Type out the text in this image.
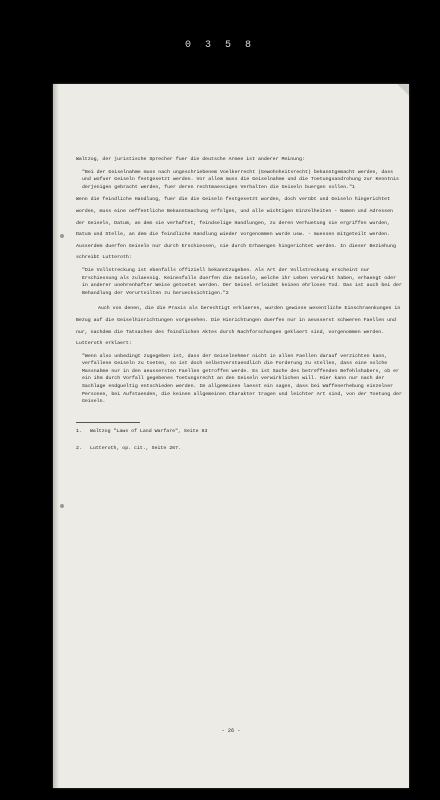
0 3 5 8

Waltzog, der juristische Sprecher fuer die deutsche Armee ist anderer Meinung:

"Bei der Geiselnahme muss nach ungeschriebenem Voelkerrecht (Gewohnheitsrecht) bekanntgemacht werden, dass und wofuer Geiseln festgesetzt werden. Vor allem muss die Geiselnahme und die Toetungsandrohung zur Kenntnis derjenigen gebracht werden, fuer deren rechtmaessiges Verhalten die Geiseln buergen sollen."1

Wenn die feindliche Handlung, fuer die die Geiseln festgesetzt worden, doch verübt und Geiseln hingerichtet worden, muss eine oeffentliche Bekanntmachung erfolgen, und alle wichtigen Einzelheiten - Namen und Adressen der Geiseln, Datum, an dem sie verhaftet, feindselige Handlungen, zu deren Verhuetung sie ergriffen wurden, Datum und Stelle, an dem die feindliche Handlung wieder vorgenommen wurde usw. - muessen mitgeteilt werden. Ausserdem duerfen Geiseln nur durch Erschiessen, nie durch Erhaengen hingerichtet werden. In dieser Beziehung schreibt Lutteroth:

"Die Vollstreckung ist ebenfalls offiziell bekanntzugeben. Als Art der Vollstreckung erscheint nur Erschiessung als zulaessig. Keinesfalls duerfen die Geiseln, welche ihr Leben verwirkt haben, erhaengt oder in anderer unehrenhafter Weise getoetet werden. Der Geisel erleidet keinen ehrlosen Tod. Das ist auch bei der Behandlung der Verurteilten zu beruecksichtigen."2

Auch von denen, die die Praxis als berechtigt erklaeren, wurden gewisse wesentliche Einschraenkungen in Bezug auf die Geiselhinrichtungen vorgesehen. Die Hinrichtungen duerfen nur in aeusserst schweren Faellen und nur, nachdem die Tatsachen des feindlichen Aktes durch Nachforschungen geklaert sind, vorgenommen werden. Lutteroth erklaert:

"Wenn also unbedingt zugegeben ist, dass der Geiselnehmer nicht in allen Faellen darauf verzichten kann, verfallene Geiseln zu toeten, so ist doch selbstverstaendlich die Forderung zu stellen, dass eine solche Massnahme nur in den aeussersten Faellen getroffen werde. Es ist Sache des betreffenden Befehlshabers, ob er ein ihm durch Vorfall gegebenes Toetungsrecht an den Geiseln verwirklichen will. Hier kann nur nach der Sachlage endgueltig entschieden werden. Im allgemeinen laesst ein sagen, dass bei Waffenerhebung einzelner Personen, bei Aufstaenden, die keinen allgemeinen Charakter tragen und leichter Art sind, von der Toetung der Geiseln.

1.	Waltzog "Laws of Land Warfare", Seite 83
2.	Lutteroth, op. cit., Seite 267.
- 26 -
